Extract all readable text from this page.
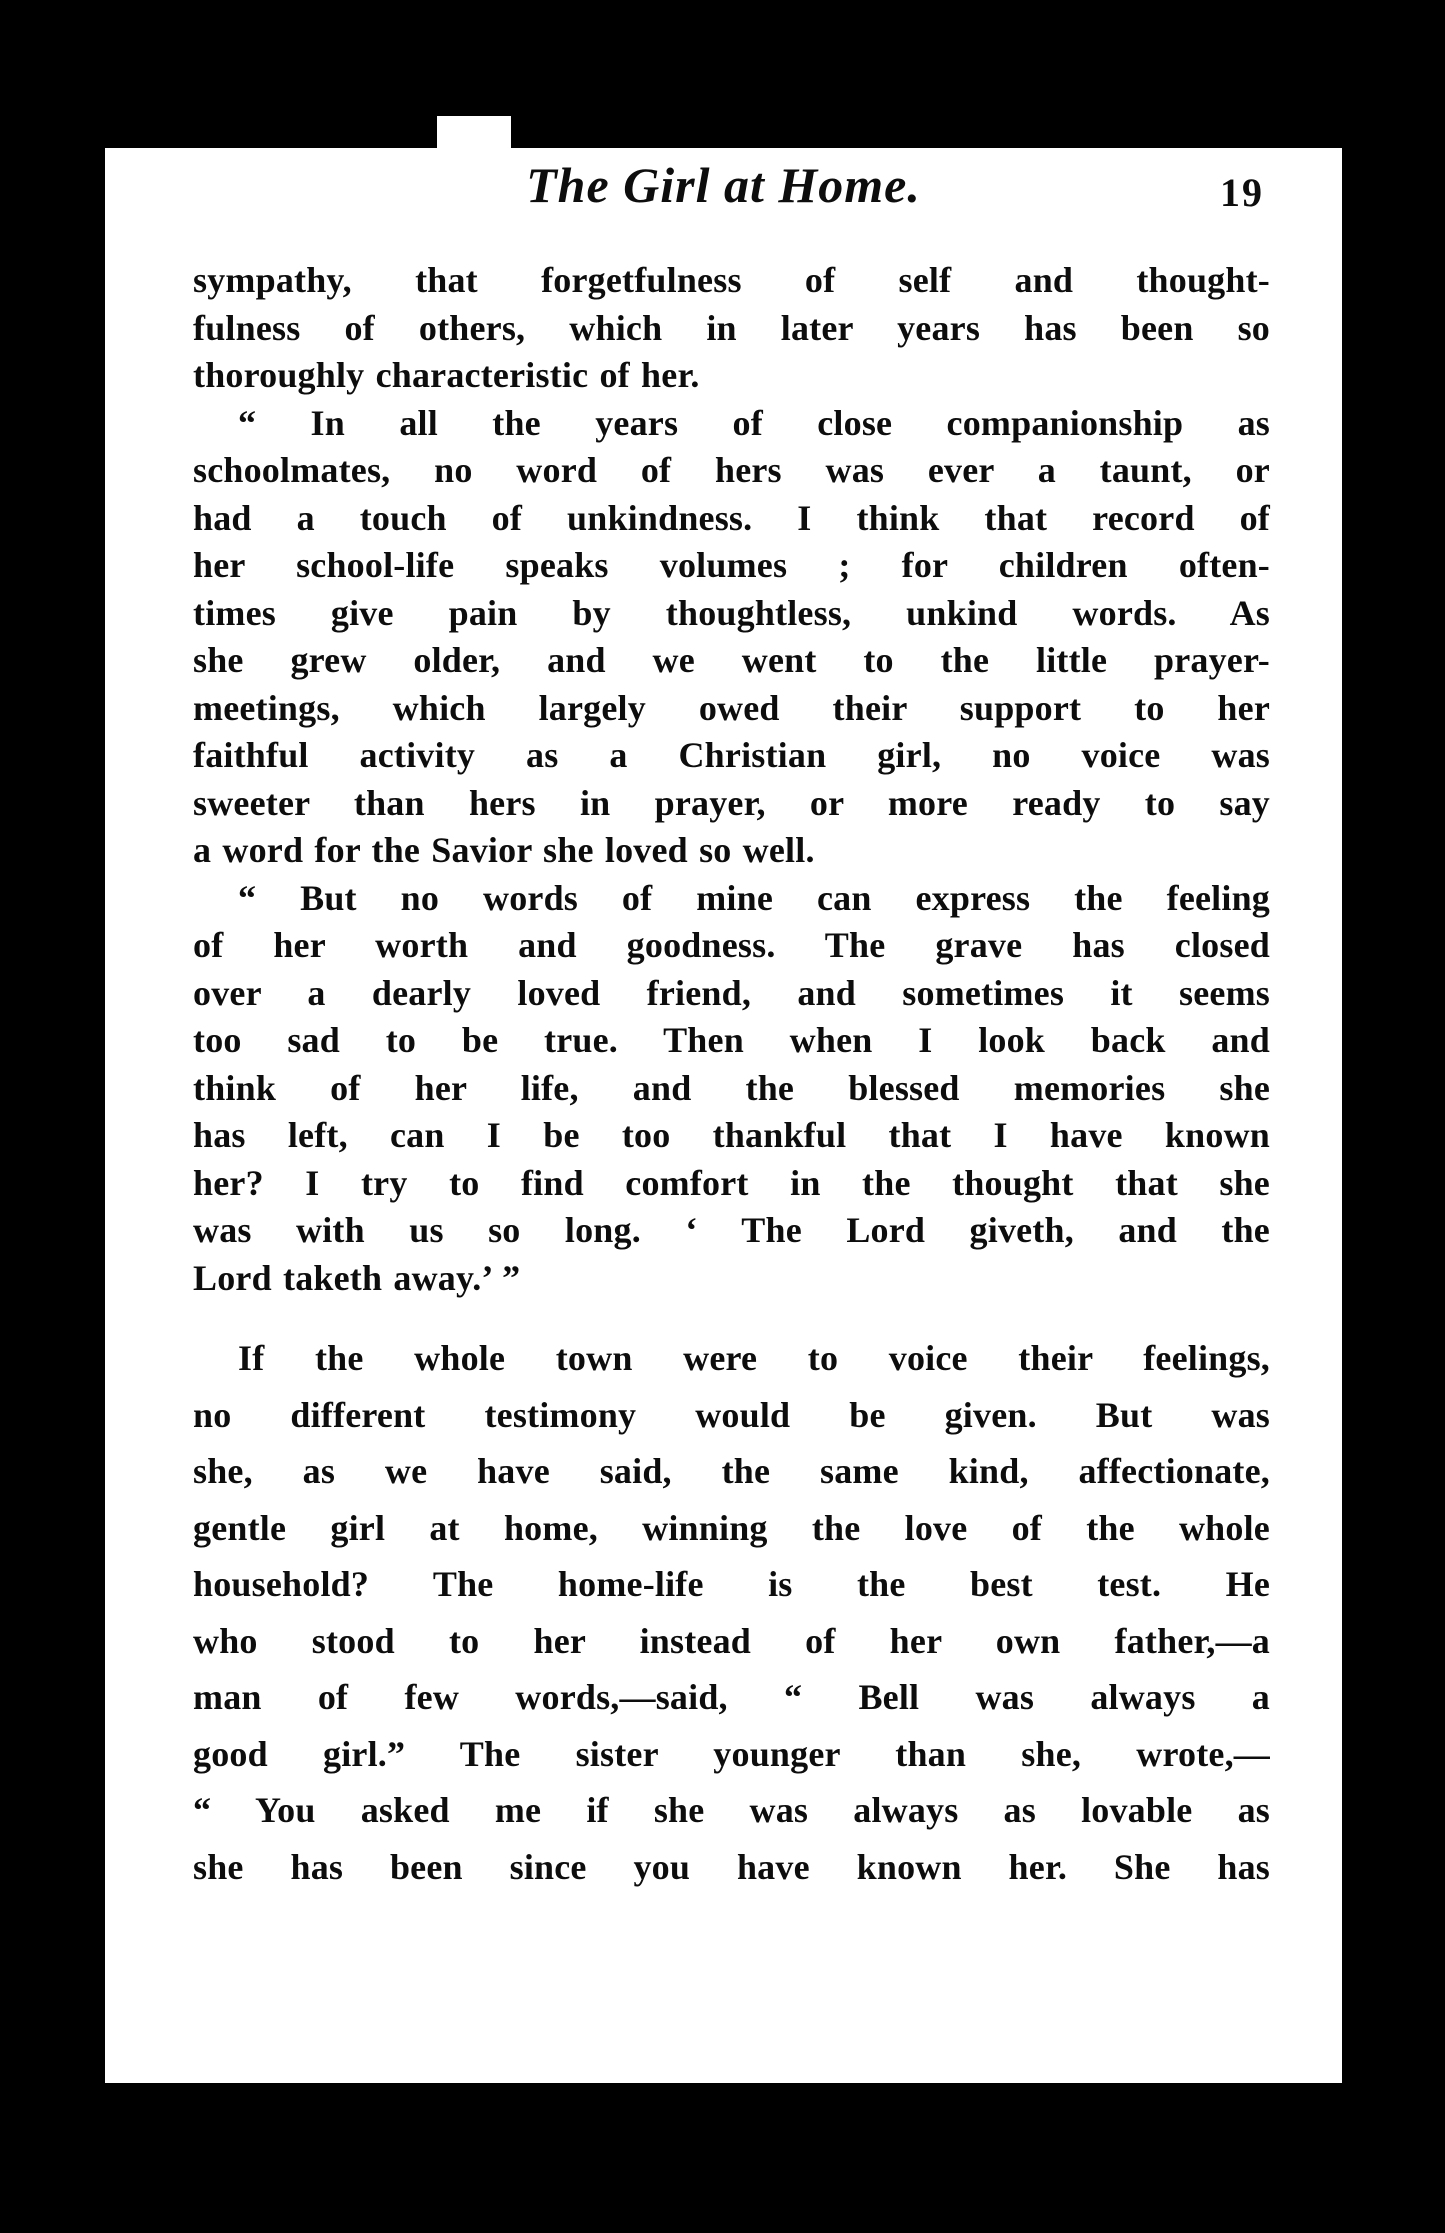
The Girl at Home.	19
sympathy, that forgetfulness of self and thought-
fulness of others, which in later years has been so
thoroughly characteristic of her.
“ In all the years of close companionship as
schoolmates, no word of hers was ever a taunt, or
had a touch of unkindness. I think that record of
her school-life speaks volumes ; for children often-
times give pain by thoughtless, unkind words. As
she grew older, and we went to the little prayer-
meetings, which largely owed their support to her
faithful activity as a Christian girl, no voice was
sweeter than hers in prayer, or more ready to say
a word for the Savior she loved so well.
“ But no words of mine can express the feeling
of her worth and goodness. The grave has closed
over a dearly loved friend, and sometimes it seems
too sad to be true. Then when I look back and
think of her life, and the blessed memories she
has left, can I be too thankful that I have known
her? I try to find comfort in the thought that she
was with us so long. ‘ The Lord giveth, and the
Lord taketh away.’ ”
If the whole town were to voice their feelings,
no different testimony would be given. But was
she, as we have said, the same kind, affectionate,
gentle girl at home, winning the love of the whole
household? The home-life is the best test. He
who stood to her instead of her own father,—a
man of few words,—said, “ Bell was always a
good girl.” The sister younger than she, wrote,—
“ You asked me if she was always as lovable as
she has been since you have known her. She has
